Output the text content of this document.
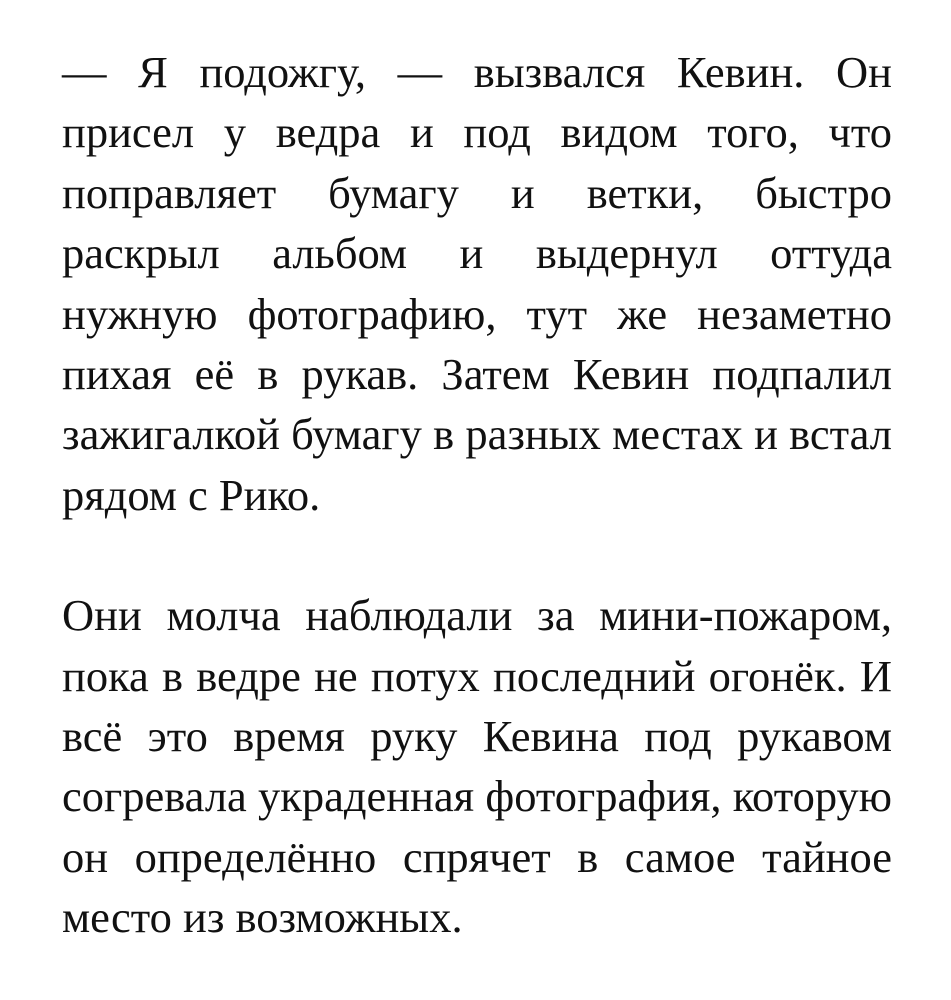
— Я подожгу, — вызвался Кевин. Он присел у ведра и под видом того, что поправляет бумагу и ветки, быстро раскрыл альбом и выдернул оттуда нужную фотографию, тут же незаметно пихая её в рукав. Затем Кевин подпалил зажигалкой бумагу в разных местах и встал рядом с Рико.

Они молча наблюдали за мини-пожаром, пока в ведре не потух последний огонёк. И всё это время руку Кевина под рукавом согревала украденная фотография, которую он определённо спрячет в самое тайное место из возможных.
